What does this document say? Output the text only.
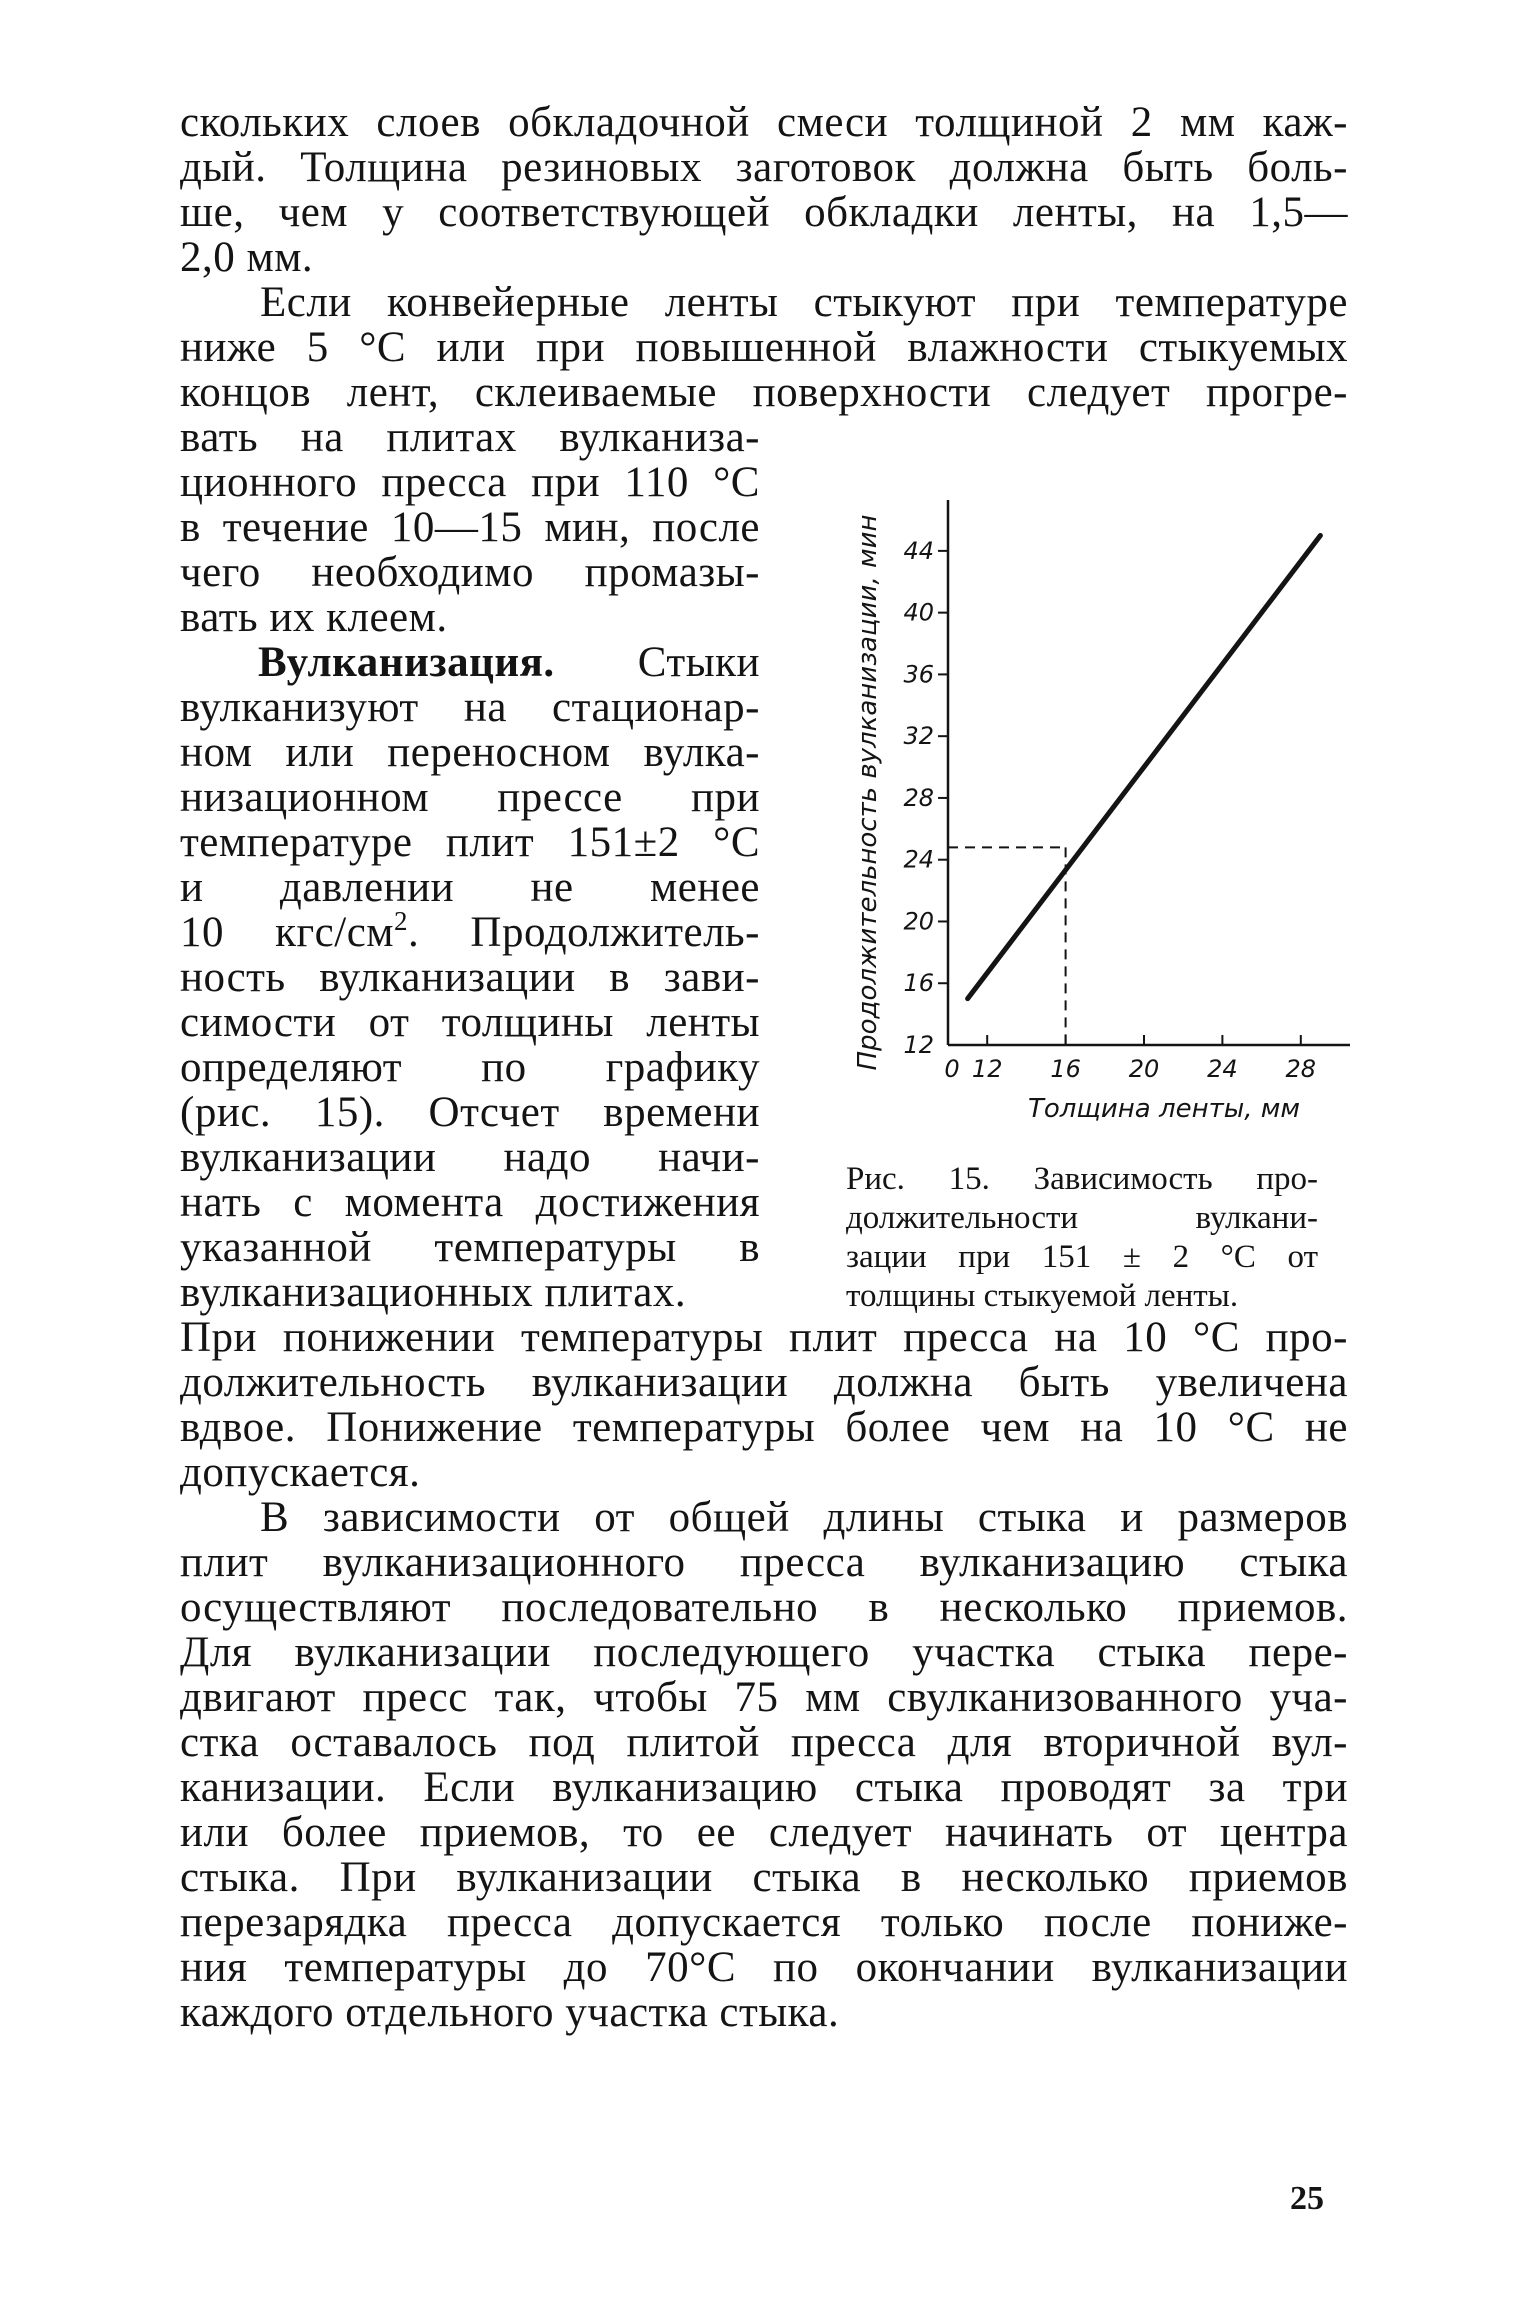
скольких слоев обкладочной смеси толщиной 2 мм каж-
дый. Толщина резиновых заготовок должна быть боль-
ше, чем у соответствующей обкладки ленты, на 1,5—
2,0 мм.
Если конвейерные ленты стыкуют при температуре
ниже 5 °С или при повышенной влажности стыкуемых
концов лент, склеиваемые поверхности следует прогре-
вать на плитах вулканиза-
ционного пресса при 110 °С
в течение 10—15 мин, после
чего необходимо промазы-
вать их клеем.
Вулканизация. Стыки
вулканизуют на стационар-
ном или переносном вулка-
низационном прессе при
температуре плит 151±2 °С
и давлении не менее
10 кгс/$см^2$. Продолжитель-
ность вулканизации в зави-
симости от толщины ленты
определяют по графику
(рис. 15). Отсчет времени
вулканизации надо начи-
нать с момента достижения
указанной температуры в
вулканизационных плитах.
При понижении температуры плит пресса на 10 °С про-
должительность вулканизации должна быть увеличена
вдвое. Понижение температуры более чем на 10 °С не
допускается.
В зависимости от общей длины стыка и размеров
плит вулканизационного пресса вулканизацию стыка
осуществляют последовательно в несколько приемов.
Для вулканизации последующего участка стыка пере-
двигают пресс так, чтобы 75 мм свулканизованного уча-
стка оставалось под плитой пресса для вторичной вул-
канизации. Если вулканизацию стыка проводят за три
или более приемов, то ее следует начинать от центра
стыка. При вулканизации стыка в несколько приемов
перезарядка пресса допускается только после пониже-
ния температуры до 70°С по окончании вулканизации
каждого отдельного участка стыка.
12
16
20
24
28
32
36
40
44
0 12 16 20 24 28
Толщина ленты, мм
Продолжительность вулканизации, мин
Рис. 15. Зависимость про-
должительности вулкани-
зации при 151 ± 2 °С от
толщины стыкуемой ленты.
25
